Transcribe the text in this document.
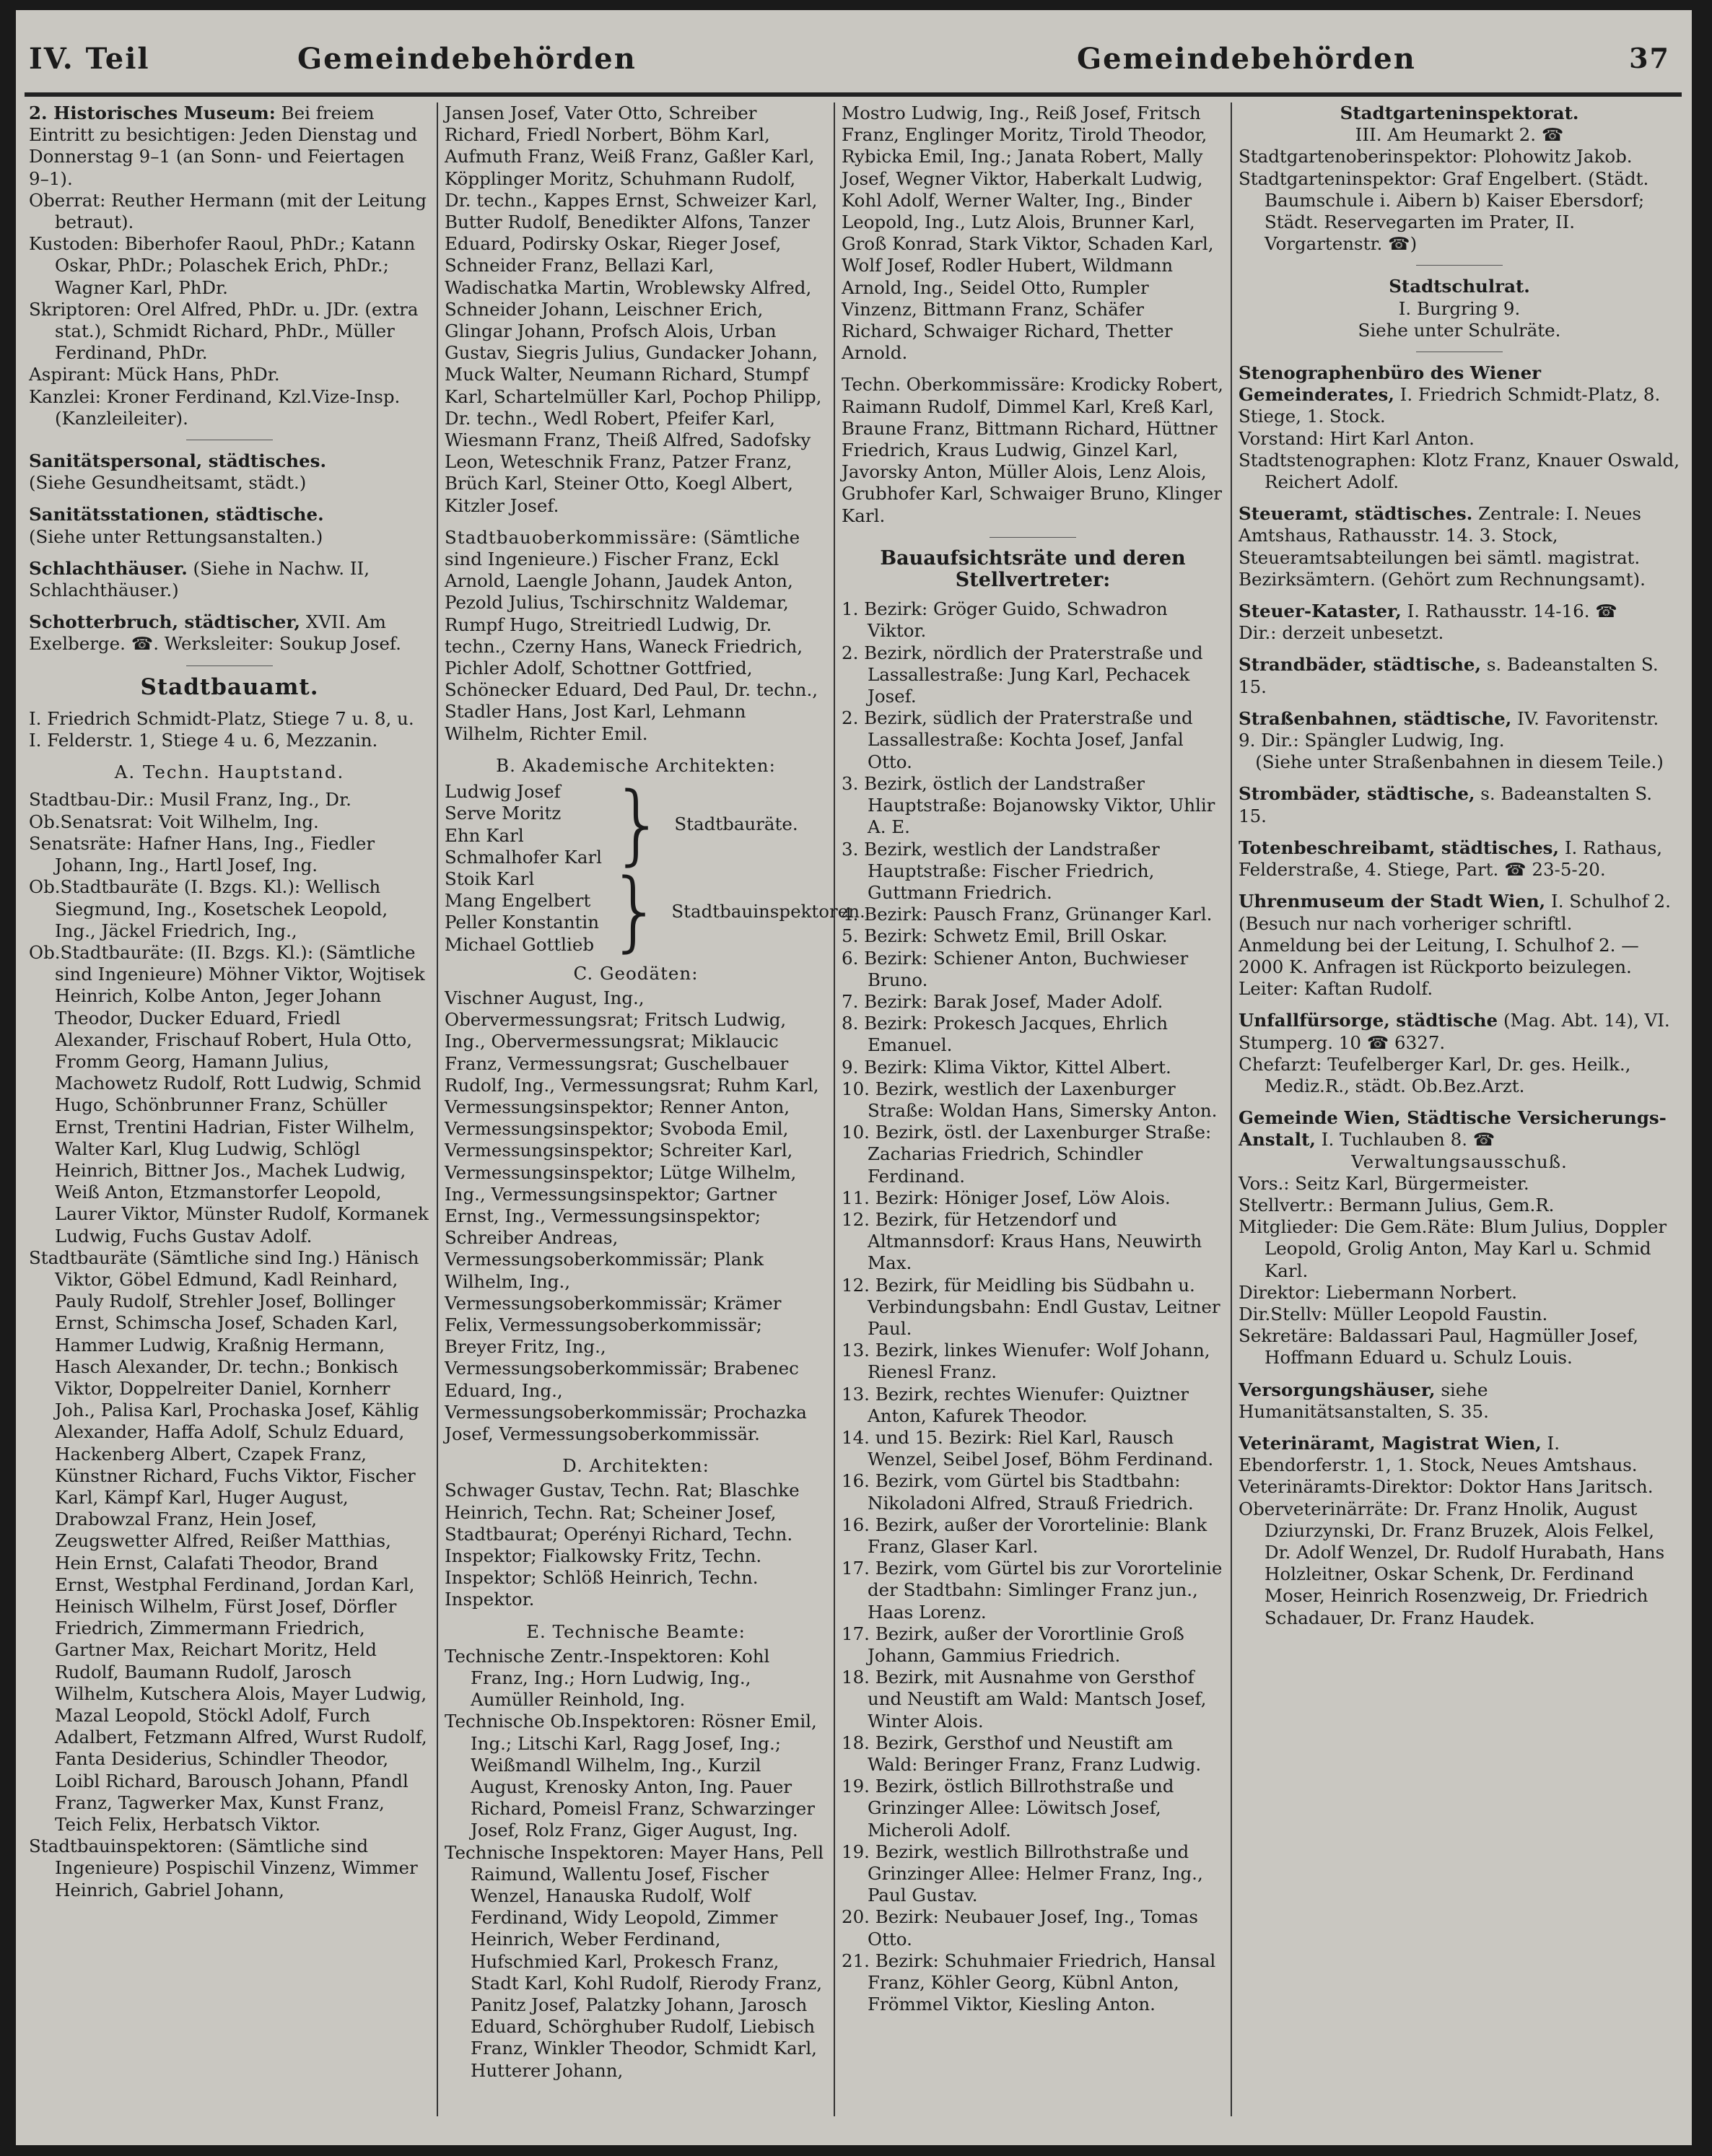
IV. Teil	Gemeindebehörden	Gemeindebehörden	37
2. Historisches Museum: Bei freiem Eintritt zu besichtigen: Jeden Dienstag und Donnerstag 9–1 (an Sonn- und Feiertagen 9–1).
Oberrat: Reuther Hermann (mit der Leitung betraut).
Kustoden: Biberhofer Raoul, PhDr.; Katann Oskar, PhDr.; Polaschek Erich, PhDr.; Wagner Karl, PhDr.
Skriptoren: Orel Alfred, PhDr. u. JDr. (extra stat.), Schmidt Richard, PhDr., Müller Ferdinand, PhDr.
Aspirant: Mück Hans, PhDr.
Kanzlei: Kroner Ferdinand, Kzl.Vize-Insp. (Kanzleileiter).
Sanitätspersonal, städtisches.
(Siehe Gesundheitsamt, städt.)
Sanitätsstationen, städtische.
(Siehe unter Rettungsanstalten.)
Schlachthäuser. (Siehe in Nachw. II, Schlachthäuser.)
Schotterbruch, städtischer, XVII. Am Exelberge. ☎. Werksleiter: Soukup Josef.
Stadtbauamt.
I. Friedrich Schmidt-Platz, Stiege 7 u. 8, u. I. Felderstr. 1, Stiege 4 u. 6, Mezzanin.
A. Techn. Hauptstand.
Stadtbau-Dir.: Musil Franz, Ing., Dr.
Ob.Senatsrat: Voit Wilhelm, Ing.
Senatsräte: Hafner Hans, Ing., Fiedler Johann, Ing., Hartl Josef, Ing.
Ob.Stadtbauräte (I. Bzgs. Kl.): Wellisch Siegmund, Ing., Kosetschek Leopold, Ing., Jäckel Friedrich, Ing.,
Ob.Stadtbauräte: (II. Bzgs. Kl.): (Sämtliche sind Ingenieure) Möhner Viktor, Wojtisek Heinrich, Kolbe Anton, Jeger Johann Theodor, Ducker Eduard, Friedl Alexander, Frischauf Robert, Hula Otto, Fromm Georg, Hamann Julius, Machowetz Rudolf, Rott Ludwig, Schmid Hugo, Schönbrunner Franz, Schüller Ernst, Trentini Hadrian, Fister Wilhelm, Walter Karl, Klug Ludwig, Schlögl Heinrich, Bittner Jos., Machek Ludwig, Weiß Anton, Etzmanstorfer Leopold, Laurer Viktor, Münster Rudolf, Kormanek Ludwig, Fuchs Gustav Adolf.
Stadtbauräte (Sämtliche sind Ing.) Hänisch Viktor, Göbel Edmund, Kadl Reinhard, Pauly Rudolf, Strehler Josef, Bollinger Ernst, Schimscha Josef, Schaden Karl, Hammer Ludwig, Kraßnig Hermann, Hasch Alexander, Dr. techn.; Bonkisch Viktor, Doppelreiter Daniel, Kornherr Joh., Palisa Karl, Prochaska Josef, Kählig Alexander, Haffa Adolf, Schulz Eduard, Hackenberg Albert, Czapek Franz, Künstner Richard, Fuchs Viktor, Fischer Karl, Kämpf Karl, Huger August, Drabowzal Franz, Hein Josef, Zeugswetter Alfred, Reißer Matthias, Hein Ernst, Calafati Theodor, Brand Ernst, Westphal Ferdinand, Jordan Karl, Heinisch Wilhelm, Fürst Josef, Dörfler Friedrich, Zimmermann Friedrich, Gartner Max, Reichart Moritz, Held Rudolf, Baumann Rudolf, Jarosch Wilhelm, Kutschera Alois, Mayer Ludwig, Mazal Leopold, Stöckl Adolf, Furch Adalbert, Fetzmann Alfred, Wurst Rudolf, Fanta Desiderius, Schindler Theodor, Loibl Richard, Barousch Johann, Pfandl Franz, Tagwerker Max, Kunst Franz, Teich Felix, Herbatsch Viktor.
Stadtbauinspektoren: (Sämtliche sind Ingenieure) Pospischil Vinzenz, Wimmer Heinrich, Gabriel Johann,
Jansen Josef, Vater Otto, Schreiber Richard, Friedl Norbert, Böhm Karl, Aufmuth Franz, Weiß Franz, Gaßler Karl, Köpplinger Moritz, Schuhmann Rudolf, Dr. techn., Kappes Ernst, Schweizer Karl, Butter Rudolf, Benedikter Alfons, Tanzer Eduard, Podirsky Oskar, Rieger Josef, Schneider Franz, Bellazi Karl, Wadischatka Martin, Wroblewsky Alfred, Schneider Johann, Leischner Erich, Glingar Johann, Profsch Alois, Urban Gustav, Siegris Julius, Gundacker Johann, Muck Walter, Neumann Richard, Stumpf Karl, Schartelmüller Karl, Pochop Philipp, Dr. techn., Wedl Robert, Pfeifer Karl, Wiesmann Franz, Theiß Alfred, Sadofsky Leon, Weteschnik Franz, Patzer Franz, Brüch Karl, Steiner Otto, Koegl Albert, Kitzler Josef.
Stadtbauoberkommissäre: (Sämtliche sind Ingenieure.) Fischer Franz, Eckl Arnold, Laengle Johann, Jaudek Anton, Pezold Julius, Tschirschnitz Waldemar, Rumpf Hugo, Streitriedl Ludwig, Dr. techn., Czerny Hans, Waneck Friedrich, Pichler Adolf, Schottner Gottfried, Schönecker Eduard, Ded Paul, Dr. techn., Stadler Hans, Jost Karl, Lehmann Wilhelm, Richter Emil.
B. Akademische Architekten:
Ludwig Josef
Serve Moritz
Ehn Karl
Schmalhofer Karl } Stadtbauräte.
Stoik Karl
Mang Engelbert
Peller Konstantin
Michael Gottlieb } Stadtbauinspektoren.
C. Geodäten:
Vischner August, Ing., Obervermessungsrat; Fritsch Ludwig, Ing., Obervermessungsrat; Miklaucic Franz, Vermessungsrat; Guschelbauer Rudolf, Ing., Vermessungsrat; Ruhm Karl, Vermessungsinspektor; Renner Anton, Vermessungsinspektor; Svoboda Emil, Vermessungsinspektor; Schreiter Karl, Vermessungsinspektor; Lütge Wilhelm, Ing., Vermessungsinspektor; Gartner Ernst, Ing., Vermessungsinspektor; Schreiber Andreas, Vermessungsoberkommissär; Plank Wilhelm, Ing., Vermessungsoberkommissär; Krämer Felix, Vermessungsoberkommissär; Breyer Fritz, Ing., Vermessungsoberkommissär; Brabenec Eduard, Ing., Vermessungsoberkommissär; Prochazka Josef, Vermessungsoberkommissär.
D. Architekten:
Schwager Gustav, Techn. Rat; Blaschke Heinrich, Techn. Rat; Scheiner Josef, Stadtbaurat; Operényi Richard, Techn. Inspektor; Fialkowsky Fritz, Techn. Inspektor; Schlöß Heinrich, Techn. Inspektor.
E. Technische Beamte:
Technische Zentr.-Inspektoren: Kohl Franz, Ing.; Horn Ludwig, Ing., Aumüller Reinhold, Ing.
Technische Ob.Inspektoren: Rösner Emil, Ing.; Litschi Karl, Ragg Josef, Ing.; Weißmandl Wilhelm, Ing., Kurzil August, Krenosky Anton, Ing. Pauer Richard, Pomeisl Franz, Schwarzinger Josef, Rolz Franz, Giger August, Ing.
Technische Inspektoren: Mayer Hans, Pell Raimund, Wallentu Josef, Fischer Wenzel, Hanauska Rudolf, Wolf Ferdinand, Widy Leopold, Zimmer Heinrich, Weber Ferdinand, Hufschmied Karl, Prokesch Franz, Stadt Karl, Kohl Rudolf, Rierody Franz, Panitz Josef, Palatzky Johann, Jarosch Eduard, Schörghuber Rudolf, Liebisch Franz, Winkler Theodor, Schmidt Karl, Hutterer Johann,
Mostro Ludwig, Ing., Reiß Josef, Fritsch Franz, Englinger Moritz, Tirold Theodor, Rybicka Emil, Ing.; Janata Robert, Mally Josef, Wegner Viktor, Haberkalt Ludwig, Kohl Adolf, Werner Walter, Ing., Binder Leopold, Ing., Lutz Alois, Brunner Karl, Groß Konrad, Stark Viktor, Schaden Karl, Wolf Josef, Rodler Hubert, Wildmann Arnold, Ing., Seidel Otto, Rumpler Vinzenz, Bittmann Franz, Schäfer Richard, Schwaiger Richard, Thetter Arnold.
Techn. Oberkommissäre: Krodicky Robert, Raimann Rudolf, Dimmel Karl, Kreß Karl, Braune Franz, Bittmann Richard, Hüttner Friedrich, Kraus Ludwig, Ginzel Karl, Javorsky Anton, Müller Alois, Lenz Alois, Grubhofer Karl, Schwaiger Bruno, Klinger Karl.
Bauaufsichtsräte und deren Stellvertreter:
1. Bezirk: Gröger Guido, Schwadron Viktor.
2. Bezirk, nördlich der Praterstraße und Lassallestraße: Jung Karl, Pechacek Josef.
2. Bezirk, südlich der Praterstraße und Lassallestraße: Kochta Josef, Janfal Otto.
3. Bezirk, östlich der Landstraßer Hauptstraße: Bojanowsky Viktor, Uhlir A. E.
3. Bezirk, westlich der Landstraßer Hauptstraße: Fischer Friedrich, Guttmann Friedrich.
4. Bezirk: Pausch Franz, Grünanger Karl.
5. Bezirk: Schwetz Emil, Brill Oskar.
6. Bezirk: Schiener Anton, Buchwieser Bruno.
7. Bezirk: Barak Josef, Mader Adolf.
8. Bezirk: Prokesch Jacques, Ehrlich Emanuel.
9. Bezirk: Klima Viktor, Kittel Albert.
10. Bezirk, westlich der Laxenburger Straße: Woldan Hans, Simersky Anton.
10. Bezirk, östl. der Laxenburger Straße: Zacharias Friedrich, Schindler Ferdinand.
11. Bezirk: Höniger Josef, Löw Alois.
12. Bezirk, für Hetzendorf und Altmannsdorf: Kraus Hans, Neuwirth Max.
12. Bezirk, für Meidling bis Südbahn u. Verbindungsbahn: Endl Gustav, Leitner Paul.
13. Bezirk, linkes Wienufer: Wolf Johann, Rienesl Franz.
13. Bezirk, rechtes Wienufer: Quiztner Anton, Kafurek Theodor.
14. und 15. Bezirk: Riel Karl, Rausch Wenzel, Seibel Josef, Böhm Ferdinand.
16. Bezirk, vom Gürtel bis Stadtbahn: Nikoladoni Alfred, Strauß Friedrich.
16. Bezirk, außer der Vorortelinie: Blank Franz, Glaser Karl.
17. Bezirk, vom Gürtel bis zur Vorortelinie der Stadtbahn: Simlinger Franz jun., Haas Lorenz.
17. Bezirk, außer der Vorortlinie Groß Johann, Gammius Friedrich.
18. Bezirk, mit Ausnahme von Gersthof und Neustift am Wald: Mantsch Josef, Winter Alois.
18. Bezirk, Gersthof und Neustift am Wald: Beringer Franz, Franz Ludwig.
19. Bezirk, östlich Billrothstraße und Grinzinger Allee: Löwitsch Josef, Micheroli Adolf.
19. Bezirk, westlich Billrothstraße und Grinzinger Allee: Helmer Franz, Ing., Paul Gustav.
20. Bezirk: Neubauer Josef, Ing., Tomas Otto.
21. Bezirk: Schuhmaier Friedrich, Hansal Franz, Köhler Georg, Kübnl Anton, Frömmel Viktor, Kiesling Anton.
Stadtgarteninspektorat.
III. Am Heumarkt 2. ☎
Stadtgartenoberinspektor: Plohowitz Jakob.
Stadtgarteninspektor: Graf Engelbert. (Städt. Baumschule i. Aibern b) Kaiser Ebersdorf; Städt. Reservegarten im Prater, II. Vorgartenstr. ☎)
Stadtschulrat.
I. Burgring 9.
Siehe unter Schulräte.
Stenographenbüro des Wiener Gemeinderates, I. Friedrich Schmidt-Platz, 8. Stiege, 1. Stock.
Vorstand: Hirt Karl Anton.
Stadtstenographen: Klotz Franz, Knauer Oswald, Reichert Adolf.
Steueramt, städtisches. Zentrale: I. Neues Amtshaus, Rathausstr. 14. 3. Stock, Steueramtsabteilungen bei sämtl. magistrat. Bezirksämtern. (Gehört zum Rechnungsamt).
Steuer-Kataster, I. Rathausstr. 14-16. ☎
Dir.: derzeit unbesetzt.
Strandbäder, städtische, s. Badeanstalten S. 15.
Straßenbahnen, städtische, IV. Favoritenstr. 9. Dir.: Spängler Ludwig, Ing.
(Siehe unter Straßenbahnen in diesem Teile.)
Strombäder, städtische, s. Badeanstalten S. 15.
Totenbeschreibamt, städtisches, I. Rathaus, Felderstraße, 4. Stiege, Part. ☎ 23-5-20.
Uhrenmuseum der Stadt Wien, I. Schulhof 2. (Besuch nur nach vorheriger schriftl. Anmeldung bei der Leitung, I. Schulhof 2. — 2000 K. Anfragen ist Rückporto beizulegen.
Leiter: Kaftan Rudolf.
Unfallfürsorge, städtische (Mag. Abt. 14), VI. Stumperg. 10 ☎ 6327.
Chefarzt: Teufelberger Karl, Dr. ges. Heilk., Mediz.R., städt. Ob.Bez.Arzt.
Gemeinde Wien, Städtische Versicherungs-Anstalt, I. Tuchlauben 8. ☎
Verwaltungsausschuß.
Vors.: Seitz Karl, Bürgermeister.
Stellvertr.: Bermann Julius, Gem.R.
Mitglieder: Die Gem.Räte: Blum Julius, Doppler Leopold, Grolig Anton, May Karl u. Schmid Karl.
Direktor: Liebermann Norbert.
Dir.Stellv: Müller Leopold Faustin.
Sekretäre: Baldassari Paul, Hagmüller Josef, Hoffmann Eduard u. Schulz Louis.
Versorgungshäuser, siehe Humanitätsanstalten, S. 35.
Veterinäramt, Magistrat Wien, I. Ebendorferstr. 1, 1. Stock, Neues Amtshaus.
Veterinäramts-Direktor: Doktor Hans Jaritsch.
Oberveterinärräte: Dr. Franz Hnolik, August Dziurzynski, Dr. Franz Bruzek, Alois Felkel, Dr. Adolf Wenzel, Dr. Rudolf Hurabath, Hans Holzleitner, Oskar Schenk, Dr. Ferdinand Moser, Heinrich Rosenzweig, Dr. Friedrich Schadauer, Dr. Franz Haudek.
